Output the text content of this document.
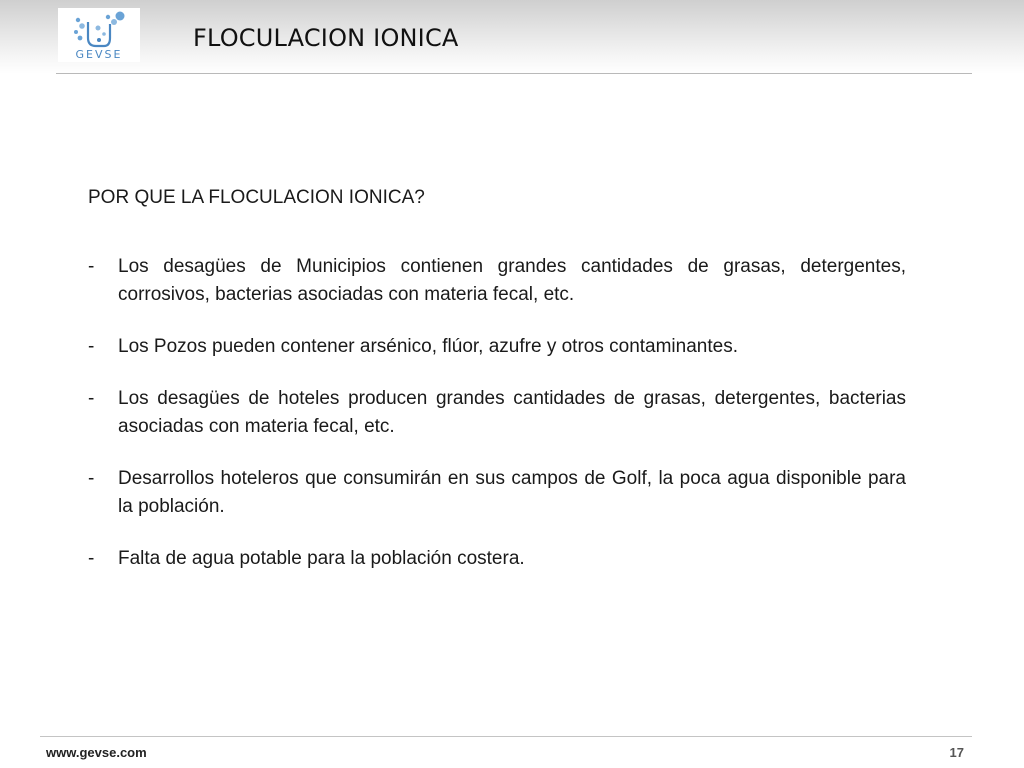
GEVSE
FLOCULACION IONICA
POR QUE LA FLOCULACION IONICA?
- Los desagües de Municipios contienen grandes cantidades de grasas, detergentes, corrosivos, bacterias asociadas con materia fecal, etc.
- Los Pozos pueden contener arsénico, flúor, azufre y otros contaminantes.
- Los desagües de hoteles producen grandes cantidades de grasas, detergentes, bacterias asociadas con materia fecal, etc.
- Desarrollos hoteleros que consumirán en sus campos de Golf, la poca agua disponible para la población.
- Falta de agua potable para la población costera.
www.gevse.com	17
